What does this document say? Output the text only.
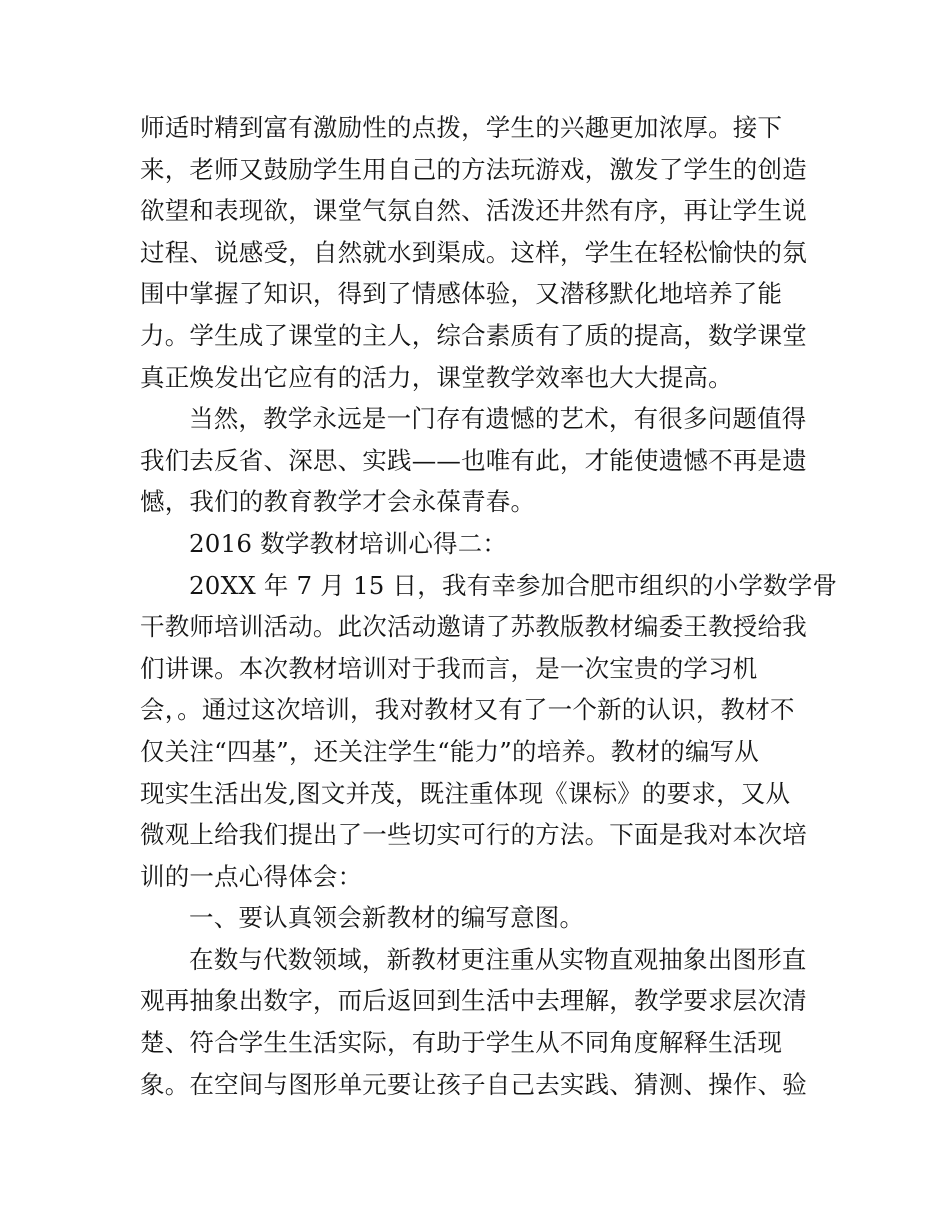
师适时精到富有激励性的点拨，学生的兴趣更加浓厚。接下
来，老师又鼓励学生用自己的方法玩游戏，激发了学生的创造
欲望和表现欲，课堂气氛自然、活泼还井然有序，再让学生说
过程、说感受，自然就水到渠成。这样，学生在轻松愉快的氛
围中掌握了知识，得到了情感体验，又潜移默化地培养了能
力。学生成了课堂的主人，综合素质有了质的提高，数学课堂
真正焕发出它应有的活力，课堂教学效率也大大提高。
当然，教学永远是一门存有遗憾的艺术，有很多问题值得
我们去反省、深思、实践——也唯有此，才能使遗憾不再是遗
憾，我们的教育教学才会永葆青春。
2016 数学教材培训心得二：
20XX 年 7 月 15 日，我有幸参加合肥市组织的小学数学骨
干教师培训活动。此次活动邀请了苏教版教材编委王教授给我
们讲课。本次教材培训对于我而言，是一次宝贵的学习机
会，。通过这次培训，我对教材又有了一个新的认识，教材不
仅关注“四基”，还关注学生“能力”的培养。教材的编写从
现实生活出发,图文并茂，既注重体现《课标》的要求，又从
微观上给我们提出了一些切实可行的方法。下面是我对本次培
训的一点心得体会：
一、要认真领会新教材的编写意图。
在数与代数领域，新教材更注重从实物直观抽象出图形直
观再抽象出数字，而后返回到生活中去理解，教学要求层次清
楚、符合学生生活实际，有助于学生从不同角度解释生活现
象。在空间与图形单元要让孩子自己去实践、猜测、操作、验
